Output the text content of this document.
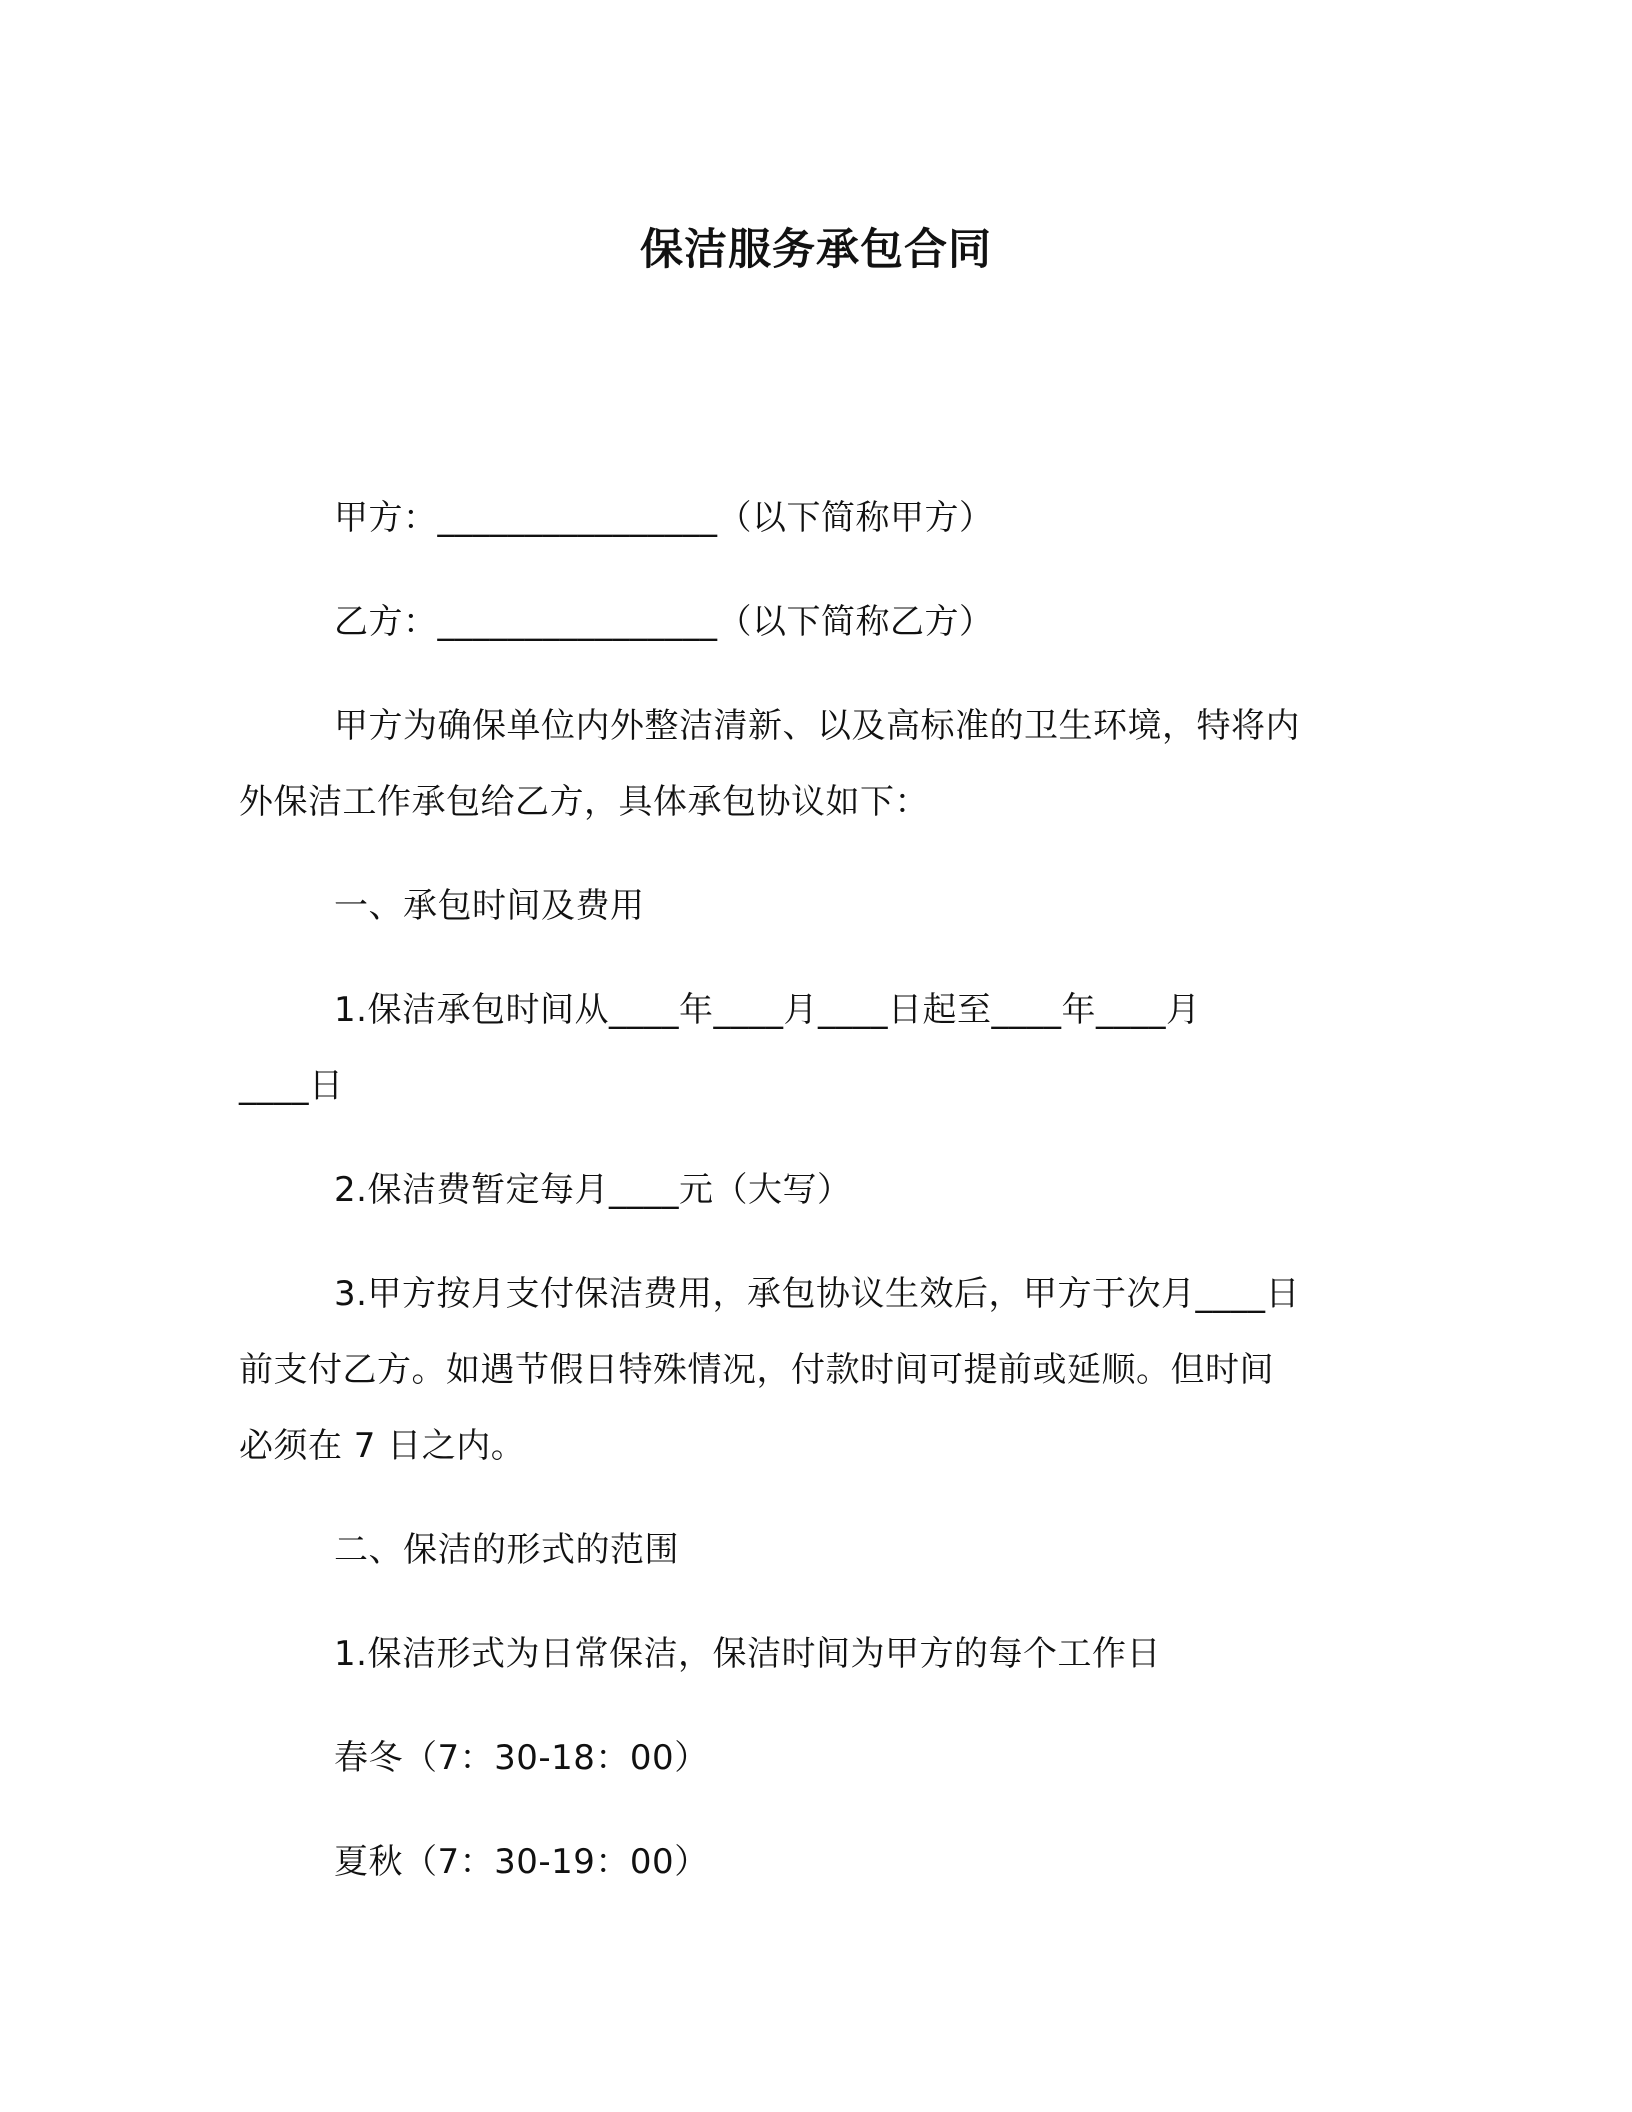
保洁服务承包合同
甲方：________________（以下简称甲方）
乙方：________________（以下简称乙方）
甲方为确保单位内外整洁清新、以及高标准的卫生环境，特将内
外保洁工作承包给乙方，具体承包协议如下：
一、承包时间及费用
1.保洁承包时间从____年____月____日起至____年____月
____日
2.保洁费暂定每月____元（大写）
3.甲方按月支付保洁费用，承包协议生效后，甲方于次月____日
前支付乙方。如遇节假日特殊情况，付款时间可提前或延顺。但时间
必须在 7 日之内。
二、保洁的形式的范围
1.保洁形式为日常保洁，保洁时间为甲方的每个工作日
春冬（7：30-18：00）
夏秋（7：30-19：00）
